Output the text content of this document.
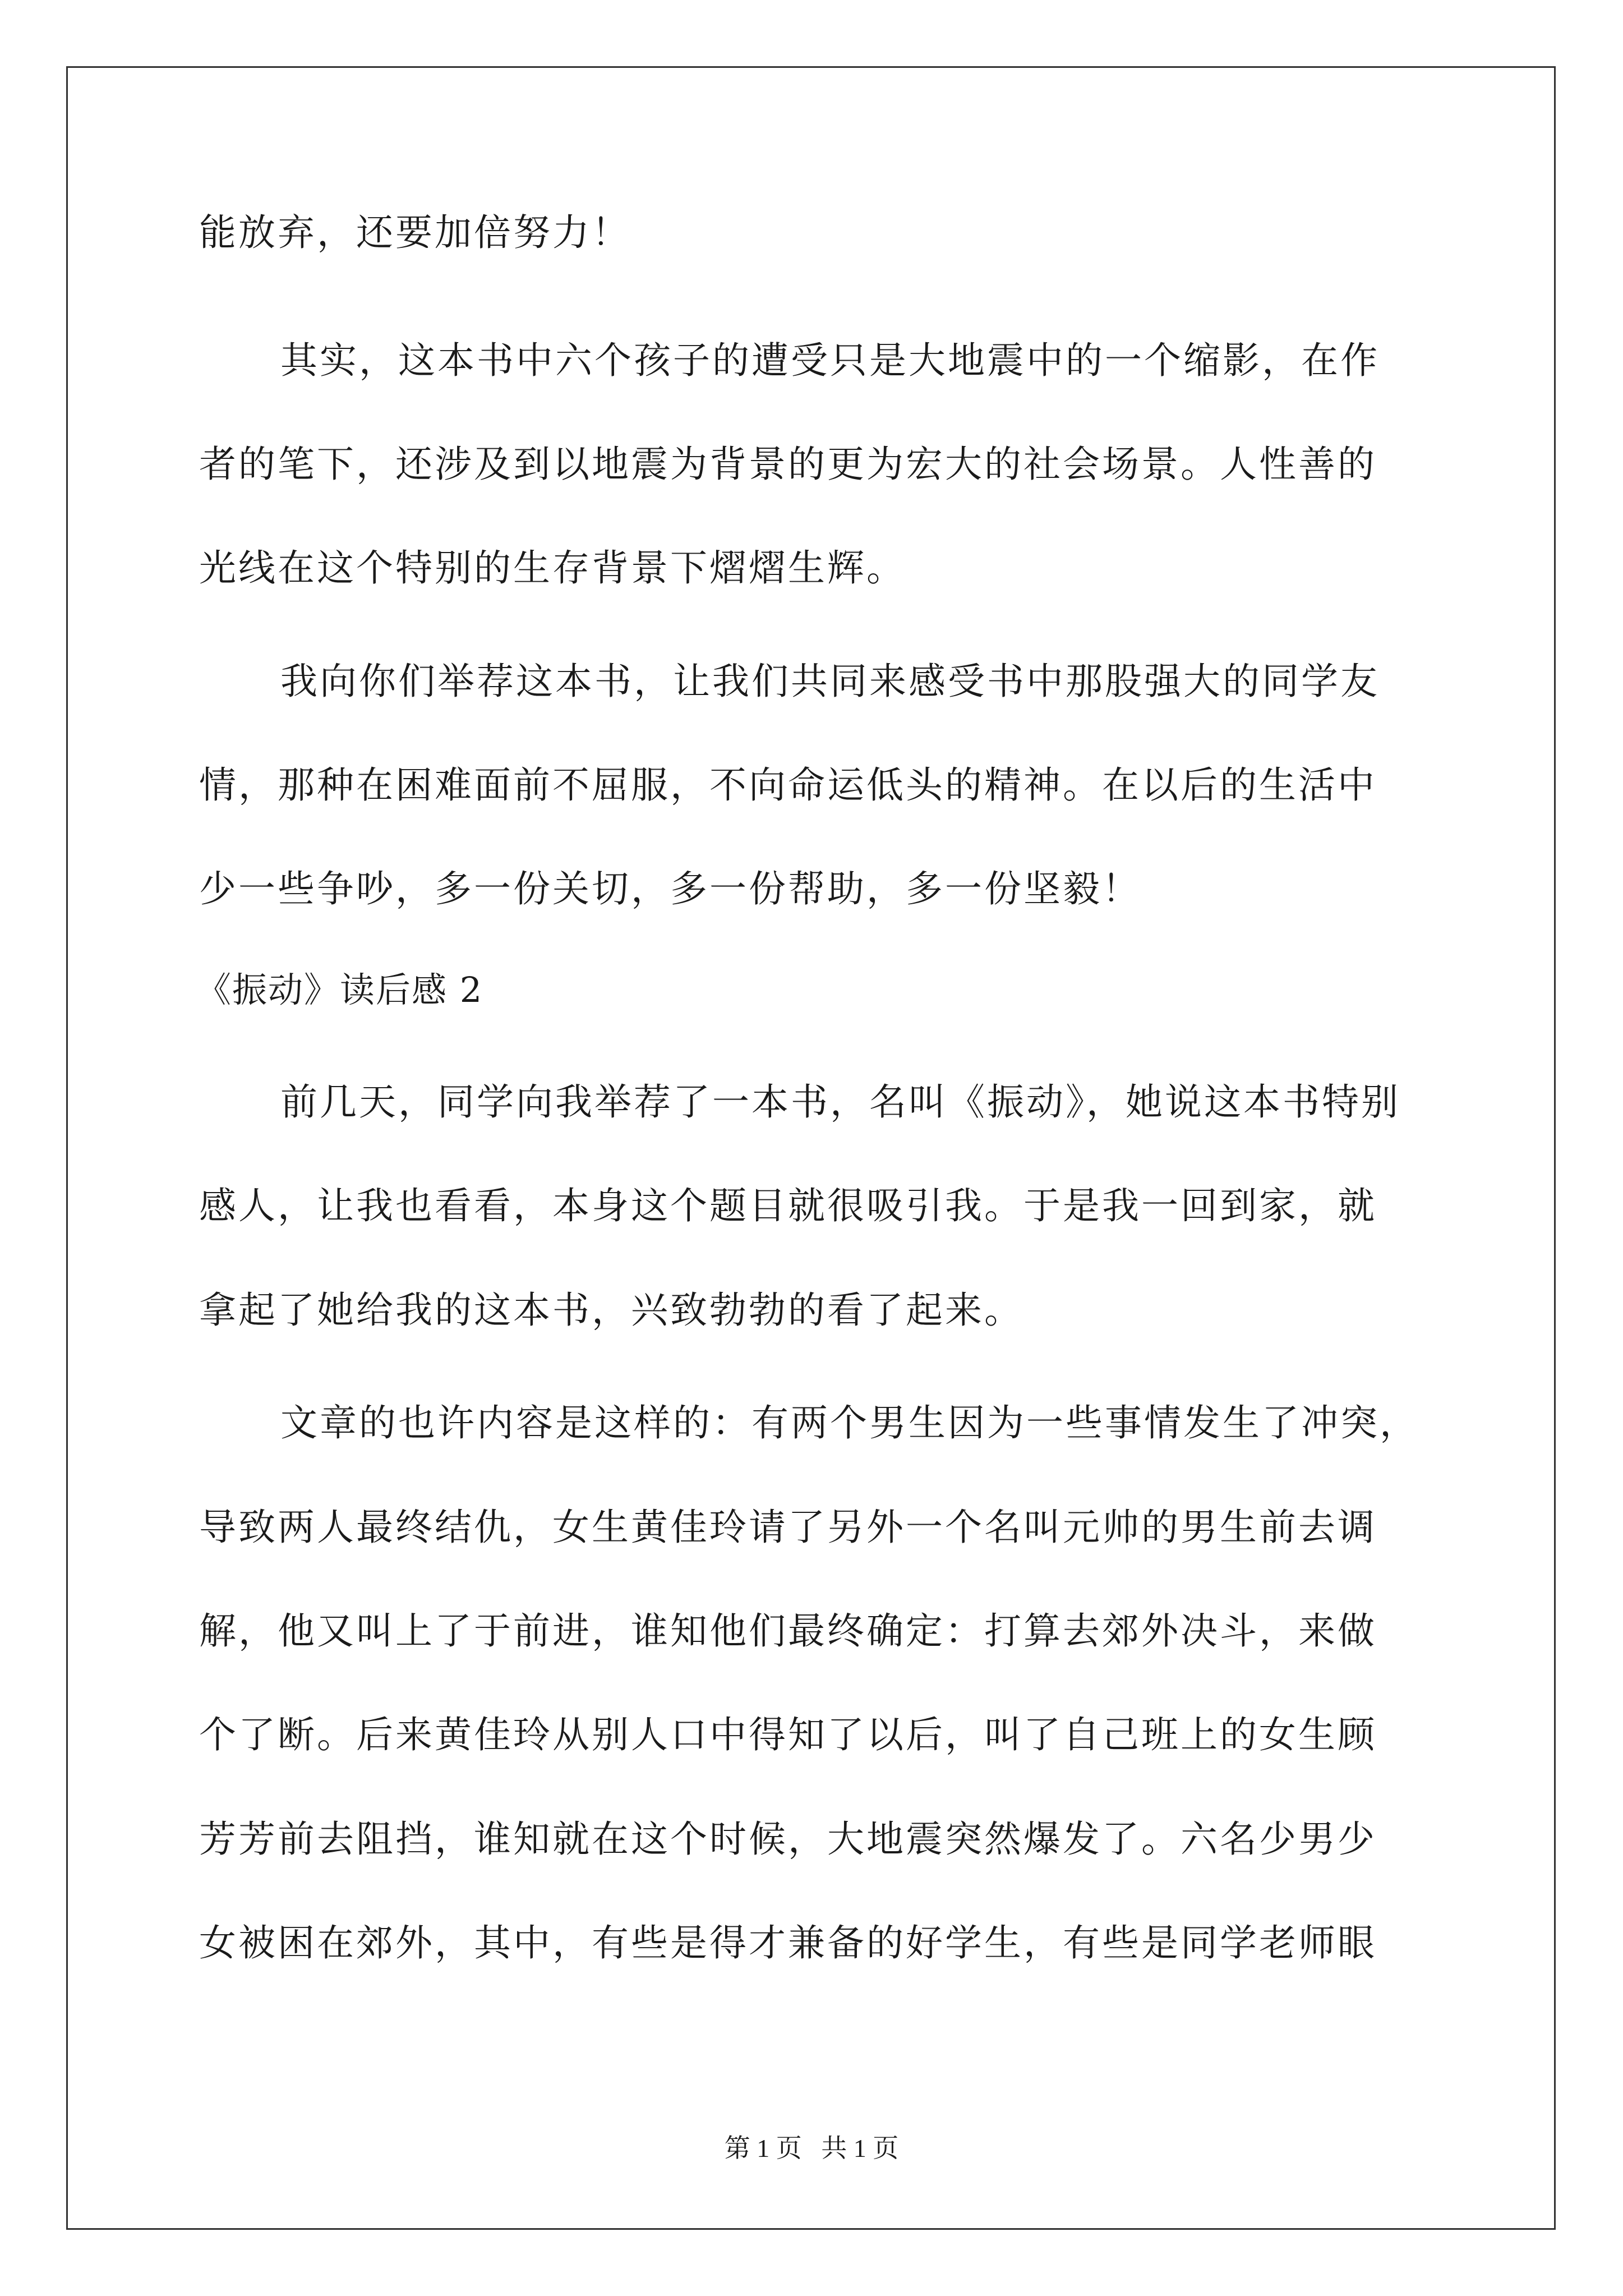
能放弃，还要加倍努力！
其实，这本书中六个孩子的遭受只是大地震中的一个缩影，在作
者的笔下，还涉及到以地震为背景的更为宏大的社会场景。人性善的
光线在这个特别的生存背景下熠熠生辉。
我向你们举荐这本书，让我们共同来感受书中那股强大的同学友
情，那种在困难面前不屈服，不向命运低头的精神。在以后的生活中
少一些争吵，多一份关切，多一份帮助，多一份坚毅！
《振动》读后感 2
前几天，同学向我举荐了一本书，名叫《振动》，她说这本书特别
感人，让我也看看，本身这个题目就很吸引我。于是我一回到家，就
拿起了她给我的这本书，兴致勃勃的看了起来。
文章的也许内容是这样的：有两个男生因为一些事情发生了冲突，
导致两人最终结仇，女生黄佳玲请了另外一个名叫元帅的男生前去调
解，他又叫上了于前进，谁知他们最终确定：打算去郊外决斗，来做
个了断。后来黄佳玲从别人口中得知了以后，叫了自己班上的女生顾
芳芳前去阻挡，谁知就在这个时候，大地震突然爆发了。六名少男少
女被困在郊外，其中，有些是得才兼备的好学生，有些是同学老师眼
第 1 页   共 1 页
